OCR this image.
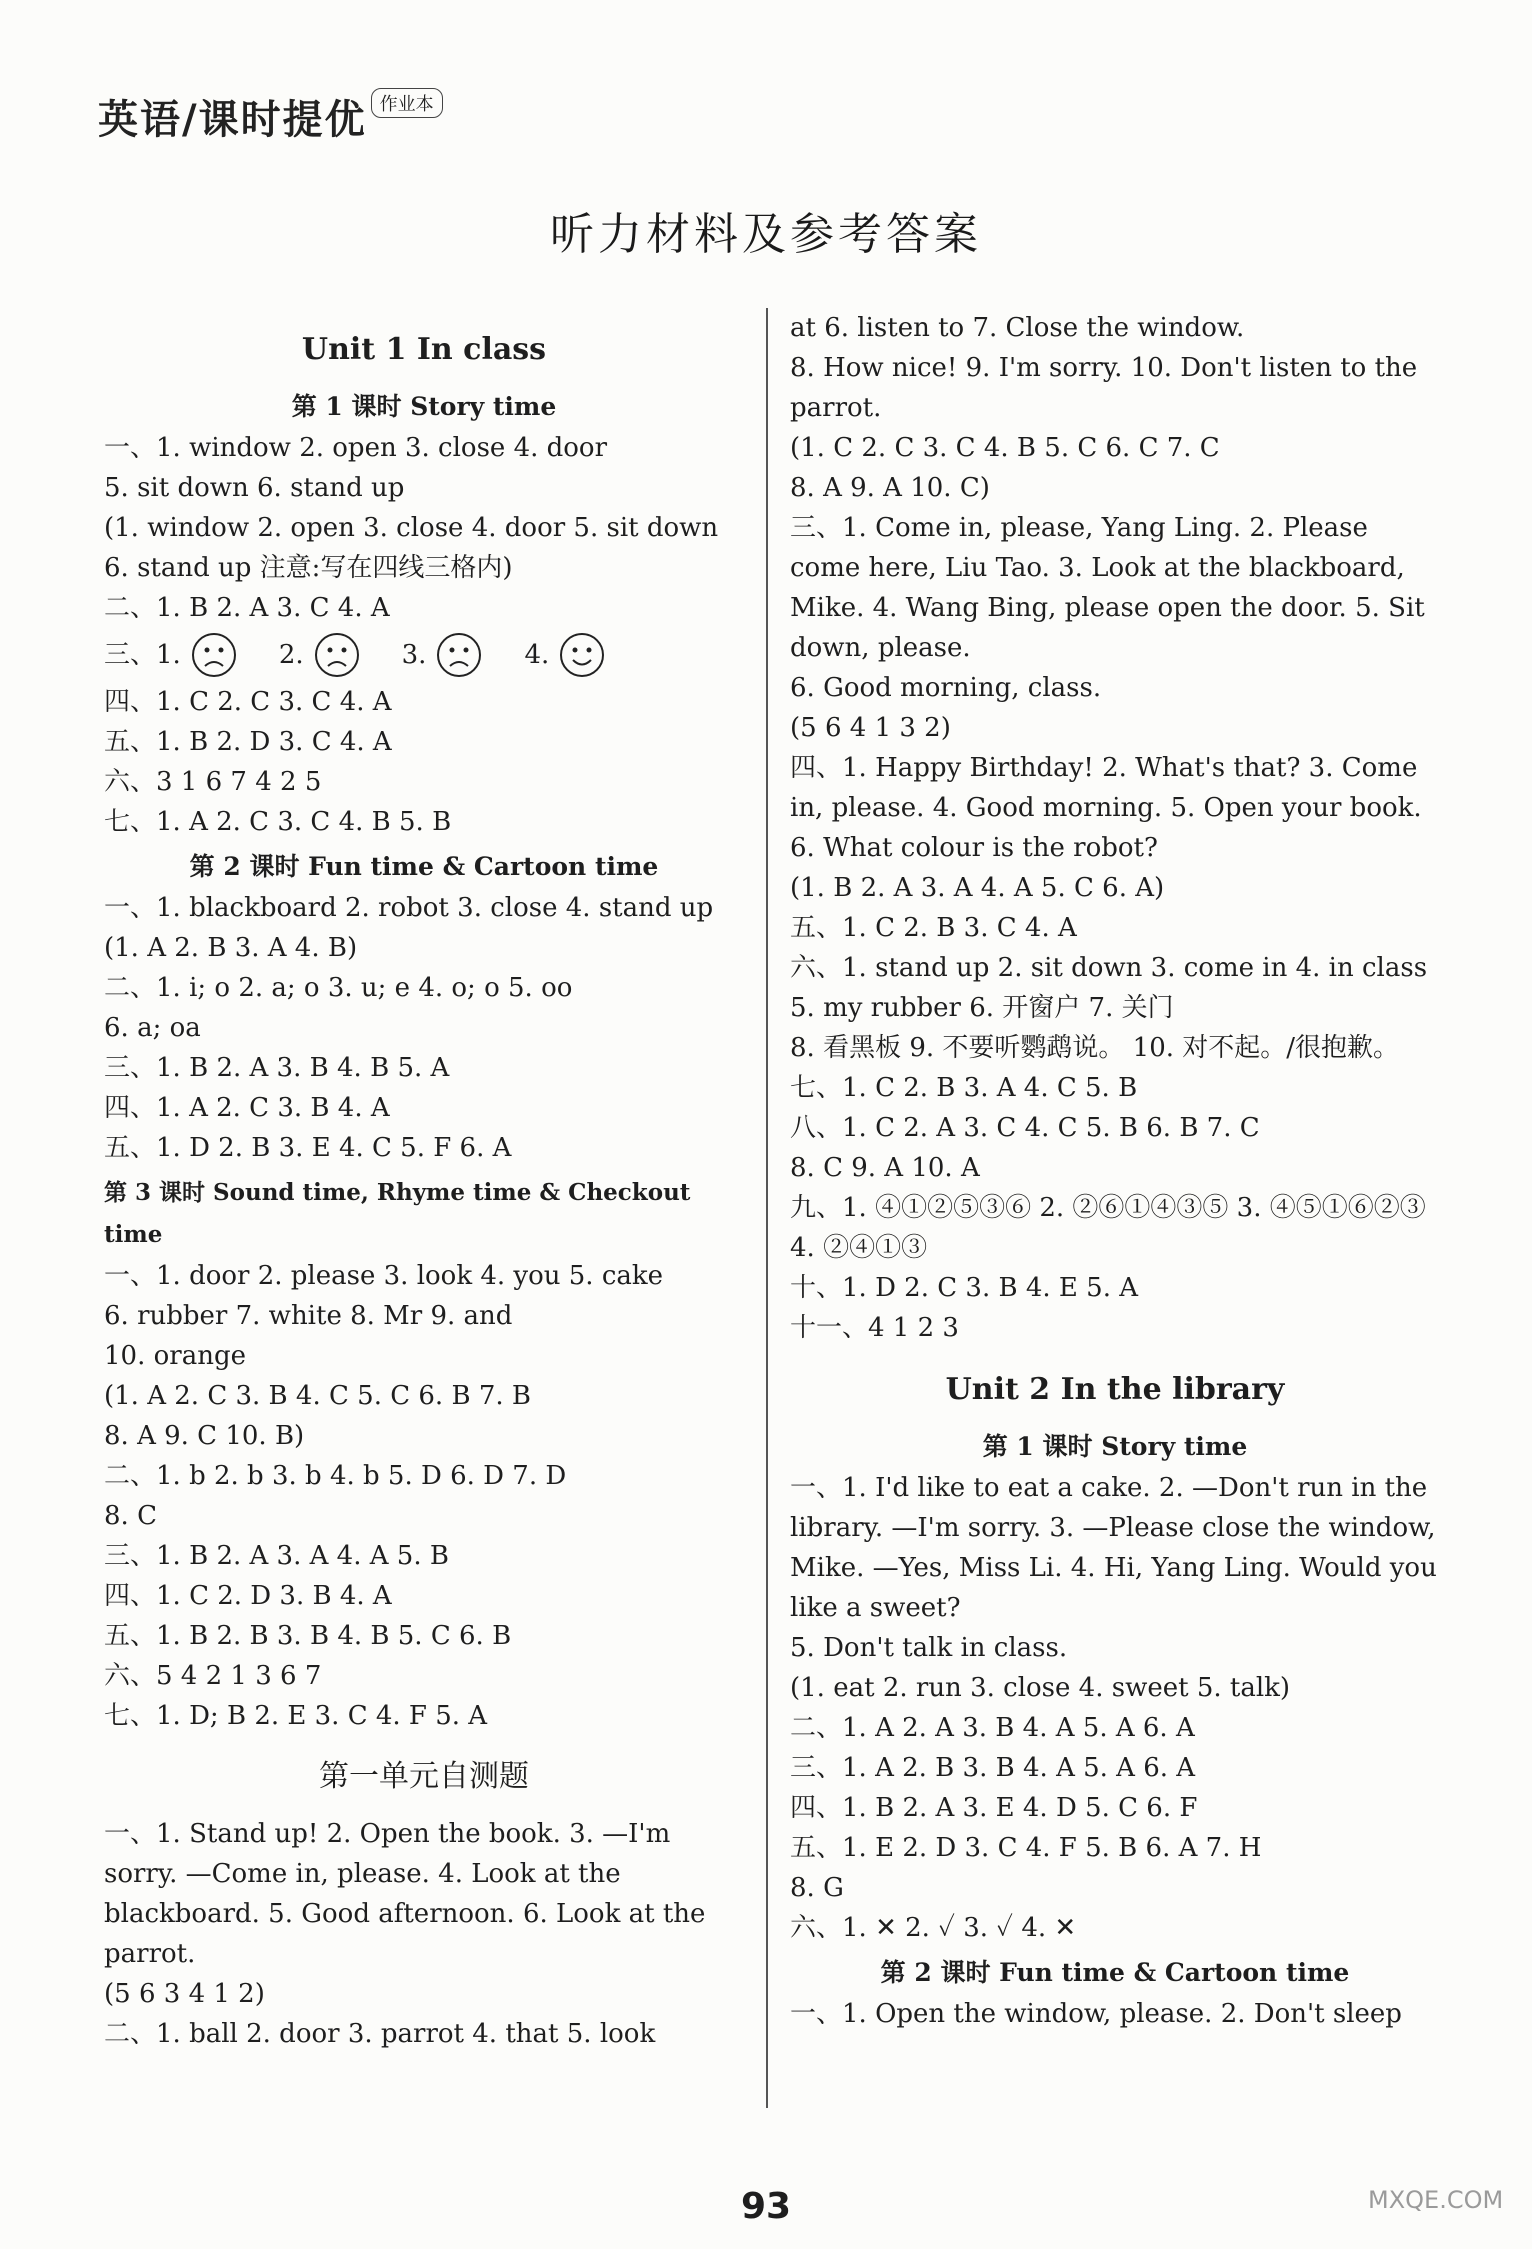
英语/课时提优 作业本
听力材料及参考答案
Unit 1 In class
第 1 课时 Story time
一、1. window 2. open 3. close 4. door
5. sit down 6. stand up
(1. window 2. open 3. close 4. door 5. sit down 6. stand up 注意:写在四线三格内)
二、1. B 2. A 3. C 4. A
三、1.	2.	3.	4.
四、1. C 2. C 3. C 4. A
五、1. B 2. D 3. C 4. A
六、3 1 6 7 4 2 5
七、1. A 2. C 3. C 4. B 5. B
第 2 课时 Fun time & Cartoon time
一、1. blackboard 2. robot 3. close 4. stand up
(1. A 2. B 3. A 4. B)
二、1. i; o 2. a; o 3. u; e 4. o; o 5. oo
6. a; oa
三、1. B 2. A 3. B 4. B 5. A
四、1. A 2. C 3. B 4. A
五、1. D 2. B 3. E 4. C 5. F 6. A
第 3 课时 Sound time, Rhyme time & Checkout time
一、1. door 2. please 3. look 4. you 5. cake
6. rubber 7. white 8. Mr 9. and
10. orange
(1. A 2. C 3. B 4. C 5. C 6. B 7. B
8. A 9. C 10. B)
二、1. b 2. b 3. b 4. b 5. D 6. D 7. D
8. C
三、1. B 2. A 3. A 4. A 5. B
四、1. C 2. D 3. B 4. A
五、1. B 2. B 3. B 4. B 5. C 6. B
六、5 4 2 1 3 6 7
七、1. D; B 2. E 3. C 4. F 5. A
第一单元自测题
一、1. Stand up! 2. Open the book. 3. —I'm sorry. —Come in, please. 4. Look at the blackboard. 5. Good afternoon. 6. Look at the parrot.
(5 6 3 4 1 2)
二、1. ball 2. door 3. parrot 4. that 5. look
at 6. listen to 7. Close the window.
8. How nice! 9. I'm sorry. 10. Don't listen to the parrot.
(1. C 2. C 3. C 4. B 5. C 6. C 7. C
8. A 9. A 10. C)
三、1. Come in, please, Yang Ling. 2. Please come here, Liu Tao. 3. Look at the blackboard, Mike. 4. Wang Bing, please open the door. 5. Sit down, please.
6. Good morning, class.
(5 6 4 1 3 2)
四、1. Happy Birthday! 2. What's that? 3. Come in, please. 4. Good morning. 5. Open your book. 6. What colour is the robot?
(1. B 2. A 3. A 4. A 5. C 6. A)
五、1. C 2. B 3. C 4. A
六、1. stand up 2. sit down 3. come in 4. in class 5. my rubber 6. 开窗户 7. 关门
8. 看黑板 9. 不要听鹦鹉说。 10. 对不起。/很抱歉。
七、1. C 2. B 3. A 4. C 5. B
八、1. C 2. A 3. C 4. C 5. B 6. B 7. C
8. C 9. A 10. A
九、1. ④①②⑤③⑥ 2. ②⑥①④③⑤ 3. ④⑤①⑥②③ 4. ②④①③
十、1. D 2. C 3. B 4. E 5. A
十一、4 1 2 3
Unit 2 In the library
第 1 课时 Story time
一、1. I'd like to eat a cake. 2. —Don't run in the library. —I'm sorry. 3. —Please close the window, Mike. —Yes, Miss Li. 4. Hi, Yang Ling. Would you like a sweet?
5. Don't talk in class.
(1. eat 2. run 3. close 4. sweet 5. talk)
二、1. A 2. A 3. B 4. A 5. A 6. A
三、1. A 2. B 3. B 4. A 5. A 6. A
四、1. B 2. A 3. E 4. D 5. C 6. F
五、1. E 2. D 3. C 4. F 5. B 6. A 7. H
8. G
六、1. ✕ 2. ✓ 3. ✓ 4. ✕
第 2 课时 Fun time & Cartoon time
一、1. Open the window, please. 2. Don't sleep
93	MXQE.COM
